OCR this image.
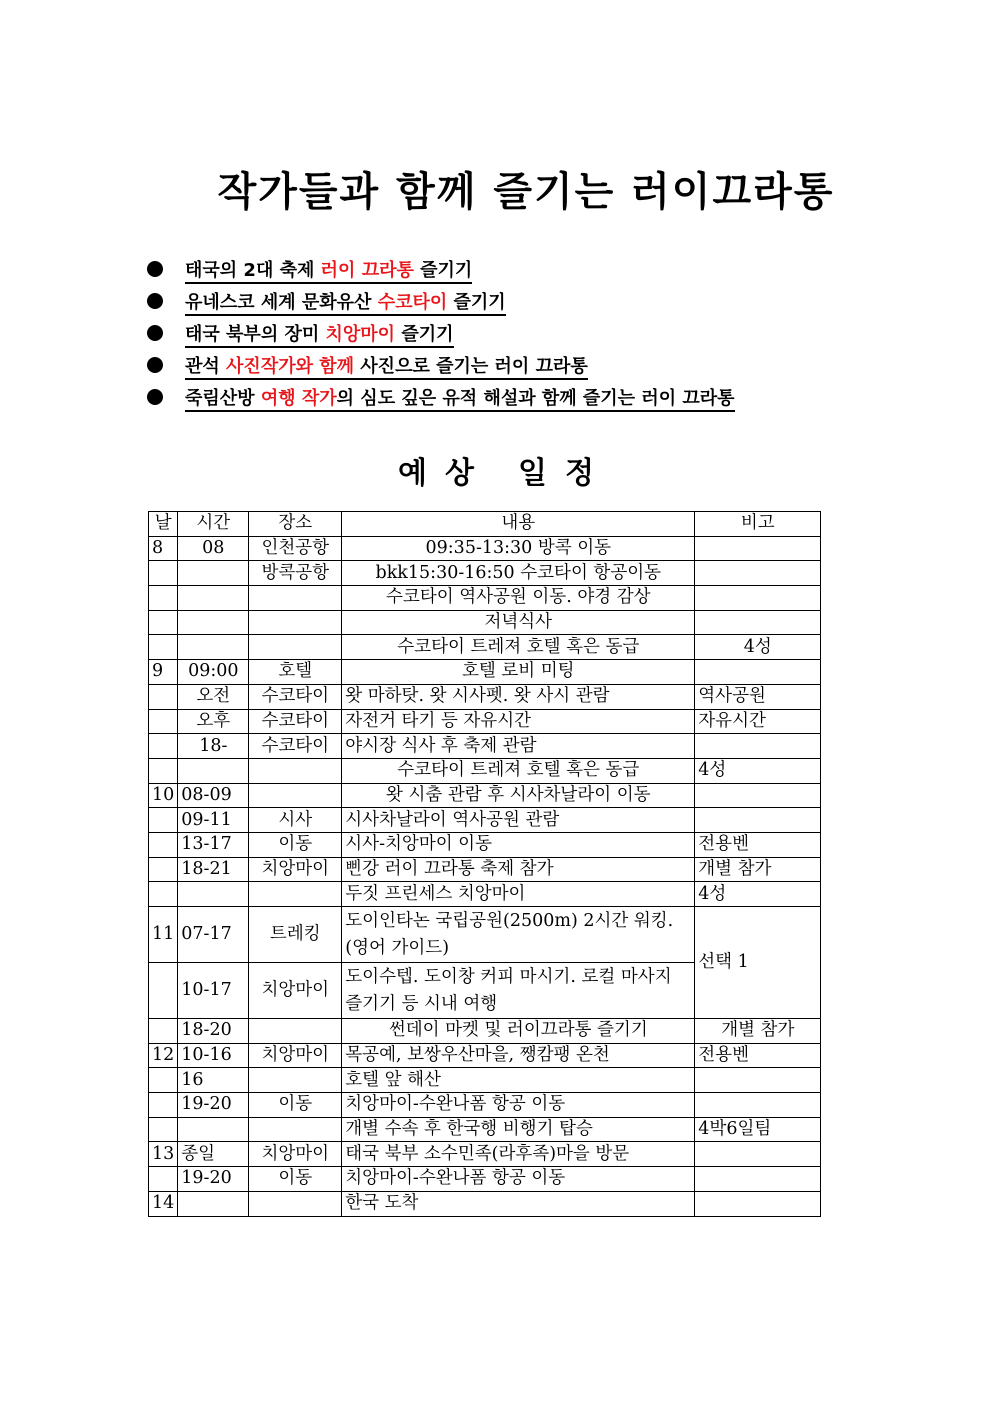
작가들과 함께 즐기는 러이끄라통
태국의 2대 축제 러이 끄라통 즐기기
유네스코 세계 문화유산 수코타이 즐기기
태국 북부의 장미 치앙마이 즐기기
관석 사진작가와 함께 사진으로 즐기는 러이 끄라통
죽림산방 여행 작가의 심도 깊은 유적 해설과 함께 즐기는 러이 끄라통
예 상 일 정
날	시간	장소	내용	비고
8	08	인천공항	09:35-13:30 방콕 이동	
		방콕공항	bkk15:30-16:50 수코타이 항공이동	
			수코타이 역사공원 이동. 야경 감상	
			저녁식사	
			수코타이 트레져 호텔 혹은 동급	4성
9	09:00	호텔	호텔 로비 미팅	
	오전	수코타이	왓 마하탓. 왓 시사펫. 왓 사시 관람	역사공원
	오후	수코타이	자전거 타기 등 자유시간	자유시간
	18-	수코타이	야시장 식사 후 축제 관람	
			수코타이 트레져 호텔 혹은 동급	4성
10	08-09		왓 시춤 관람 후 시사차날라이 이동	
	09-11	시사	시사차날라이 역사공원 관람	
	13-17	이동	시사-치앙마이 이동	전용벤
	18-21	치앙마이	삔강 러이 끄라통 축제 참가	개별 참가
			두짓 프린세스 치앙마이	4성
11	07-17	트레킹	도이인타논 국립공원(2500m) 2시간 워킹. (영어 가이드)	선택 1
	10-17	치앙마이	도이수텝. 도이창 커피 마시기. 로컬 마사지 즐기기 등 시내 여행	
	18-20		썬데이 마켓 및 러이끄라통 즐기기	개별 참가
12	10-16	치앙마이	목공예, 보쌍우산마을, 쨍캄팽 온천	전용벤
	16		호텔 앞 해산	
	19-20	이동	치앙마이-수완나폼 항공 이동	
			개별 수속 후 한국행 비행기 탑승	4박6일팀
13	종일	치앙마이	태국 북부 소수민족(라후족)마을 방문	
	19-20	이동	치앙마이-수완나폼 항공 이동	
14			한국 도착	
